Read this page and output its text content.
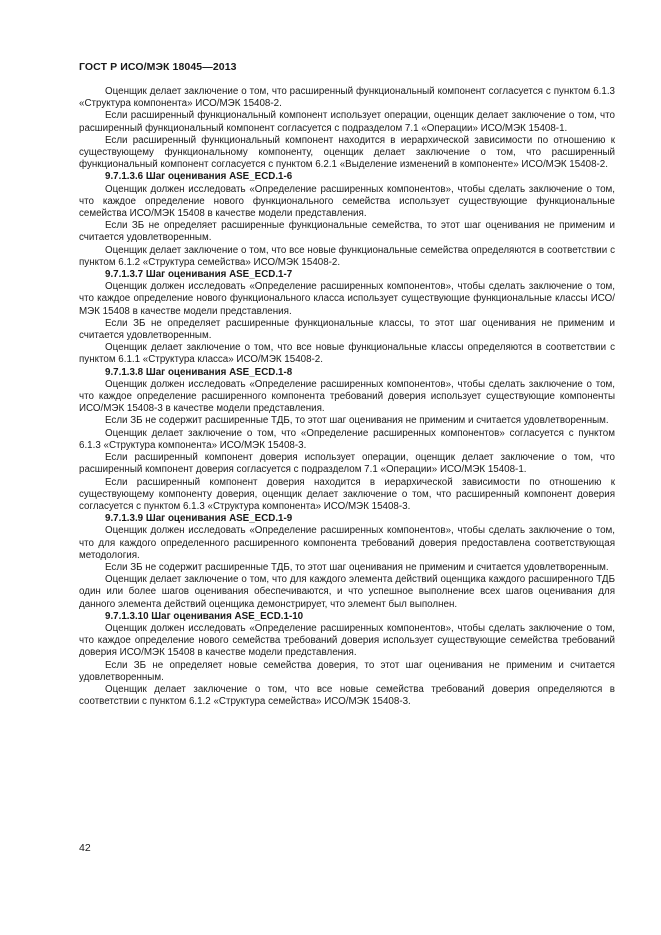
ГОСТ Р ИСО/МЭК 18045—2013

Оценщик делает заключение о том, что расширенный функциональный компонент согласуется с пунктом 6.1.3 «Структура компонента» ИСО/МЭК 15408-2.

Если расширенный функциональный компонент использует операции, оценщик делает заключение о том, что расширенный функциональный компонент согласуется с подразделом 7.1 «Операции» ИСО/МЭК 15408-1.

Если расширенный функциональный компонент находится в иерархической зависимости по отношению к существующему функциональному компоненту, оценщик делает заключение о том, что расширенный функциональный компонент согласуется с пунктом 6.2.1 «Выделение изменений в компоненте» ИСО/МЭК 15408-2.

9.7.1.3.6 Шаг оценивания ASE_ECD.1-6

Оценщик должен исследовать «Определение расширенных компонентов», чтобы сделать заключение о том, что каждое определение нового функционального семейства использует существующие функциональные семейства ИСО/МЭК 15408 в качестве модели представления.

Если ЗБ не определяет расширенные функциональные семейства, то этот шаг оценивания не применим и считается удовлетворенным.

Оценщик делает заключение о том, что все новые функциональные семейства определяются в соответствии с пунктом 6.1.2 «Структура семейства» ИСО/МЭК 15408-2.

9.7.1.3.7 Шаг оценивания ASE_ECD.1-7

Оценщик должен исследовать «Определение расширенных компонентов», чтобы сделать заключение о том, что каждое определение нового функционального класса использует существующие функциональные классы ИСО/МЭК 15408 в качестве модели представления.

Если ЗБ не определяет расширенные функциональные классы, то этот шаг оценивания не применим и считается удовлетворенным.

Оценщик делает заключение о том, что все новые функциональные классы определяются в соответствии с пунктом 6.1.1 «Структура класса» ИСО/МЭК 15408-2.

9.7.1.3.8 Шаг оценивания ASE_ECD.1-8

Оценщик должен исследовать «Определение расширенных компонентов», чтобы сделать заключение о том, что каждое определение расширенного компонента требований доверия использует существующие компоненты ИСО/МЭК 15408-3 в качестве модели представления.

Если ЗБ не содержит расширенные ТДБ, то этот шаг оценивания не применим и считается удовлетворенным.

Оценщик делает заключение о том, что «Определение расширенных компонентов» согласуется с пунктом 6.1.3 «Структура компонента» ИСО/МЭК 15408-3.

Если расширенный компонент доверия использует операции, оценщик делает заключение о том, что расширенный компонент доверия согласуется с подразделом 7.1 «Операции» ИСО/МЭК 15408-1.

Если расширенный компонент доверия находится в иерархической зависимости по отношению к существующему компоненту доверия, оценщик делает заключение о том, что расширенный компонент доверия согласуется с пунктом 6.1.3 «Структура компонента» ИСО/МЭК 15408-3.

9.7.1.3.9 Шаг оценивания ASE_ECD.1-9

Оценщик должен исследовать «Определение расширенных компонентов», чтобы сделать заключение о том, что для каждого определенного расширенного компонента требований доверия предоставлена соответствующая методология.

Если ЗБ не содержит расширенные ТДБ, то этот шаг оценивания не применим и считается удовлетворенным.

Оценщик делает заключение о том, что для каждого элемента действий оценщика каждого расширенного ТДБ один или более шагов оценивания обеспечиваются, и что успешное выполнение всех шагов оценивания для данного элемента действий оценщика демонстрирует, что элемент был выполнен.

9.7.1.3.10 Шаг оценивания ASE_ECD.1-10

Оценщик должен исследовать «Определение расширенных компонентов», чтобы сделать заключение о том, что каждое определение нового семейства требований доверия использует существующие семейства требований доверия ИСО/МЭК 15408 в качестве модели представления.

Если ЗБ не определяет новые семейства доверия, то этот шаг оценивания не применим и считается удовлетворенным.

Оценщик делает заключение о том, что все новые семейства требований доверия определяются в соответствии с пунктом 6.1.2 «Структура семейства» ИСО/МЭК 15408-3.

42
